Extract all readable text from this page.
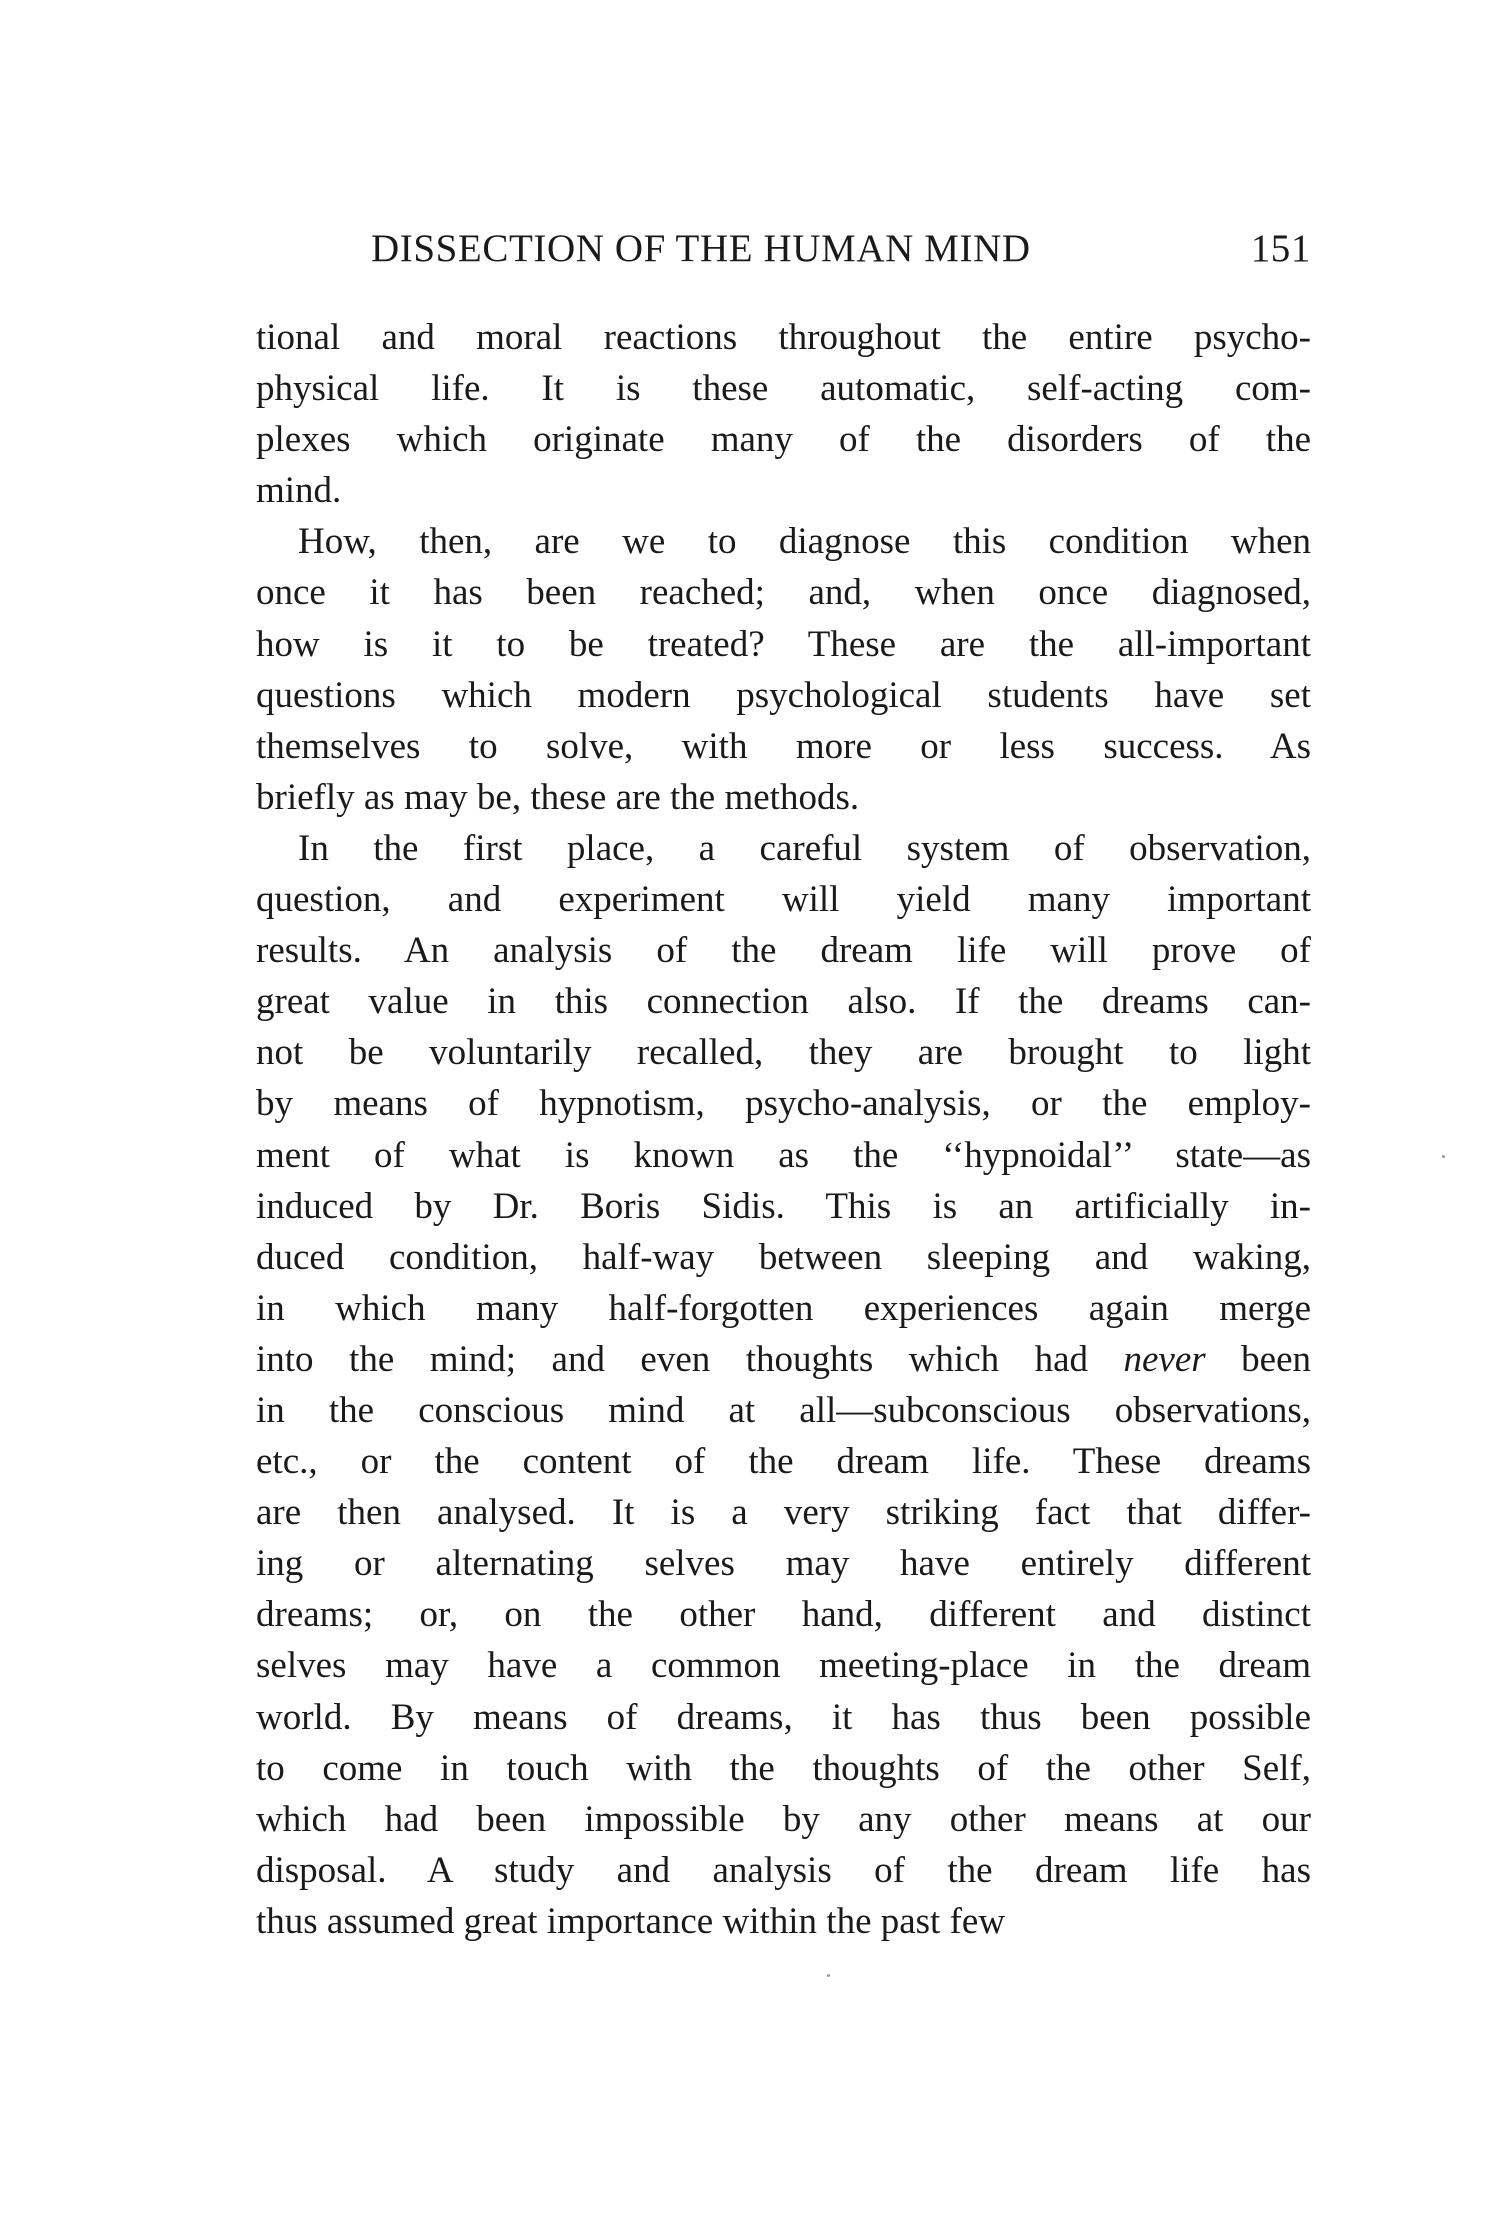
DISSECTION OF THE HUMAN MIND	151
tional and moral reactions throughout the entire psycho-
physical life. It is these automatic, self-acting com-
plexes which originate many of the disorders of the
mind.
How, then, are we to diagnose this condition when
once it has been reached; and, when once diagnosed,
how is it to be treated? These are the all-important
questions which modern psychological students have set
themselves to solve, with more or less success. As
briefly as may be, these are the methods.
In the first place, a careful system of observation,
question, and experiment will yield many important
results. An analysis of the dream life will prove of
great value in this connection also. If the dreams can-
not be voluntarily recalled, they are brought to light
by means of hypnotism, psycho-analysis, or the employ-
ment of what is known as the ‘‘hypnoidal’’ state—as
induced by Dr. Boris Sidis. This is an artificially in-
duced condition, half-way between sleeping and waking,
in which many half-forgotten experiences again merge
into the mind; and even thoughts which had never been
in the conscious mind at all—subconscious observations,
etc., or the content of the dream life. These dreams
are then analysed. It is a very striking fact that differ-
ing or alternating selves may have entirely different
dreams; or, on the other hand, different and distinct
selves may have a common meeting-place in the dream
world. By means of dreams, it has thus been possible
to come in touch with the thoughts of the other Self,
which had been impossible by any other means at our
disposal. A study and analysis of the dream life has
thus assumed great importance within the past few
